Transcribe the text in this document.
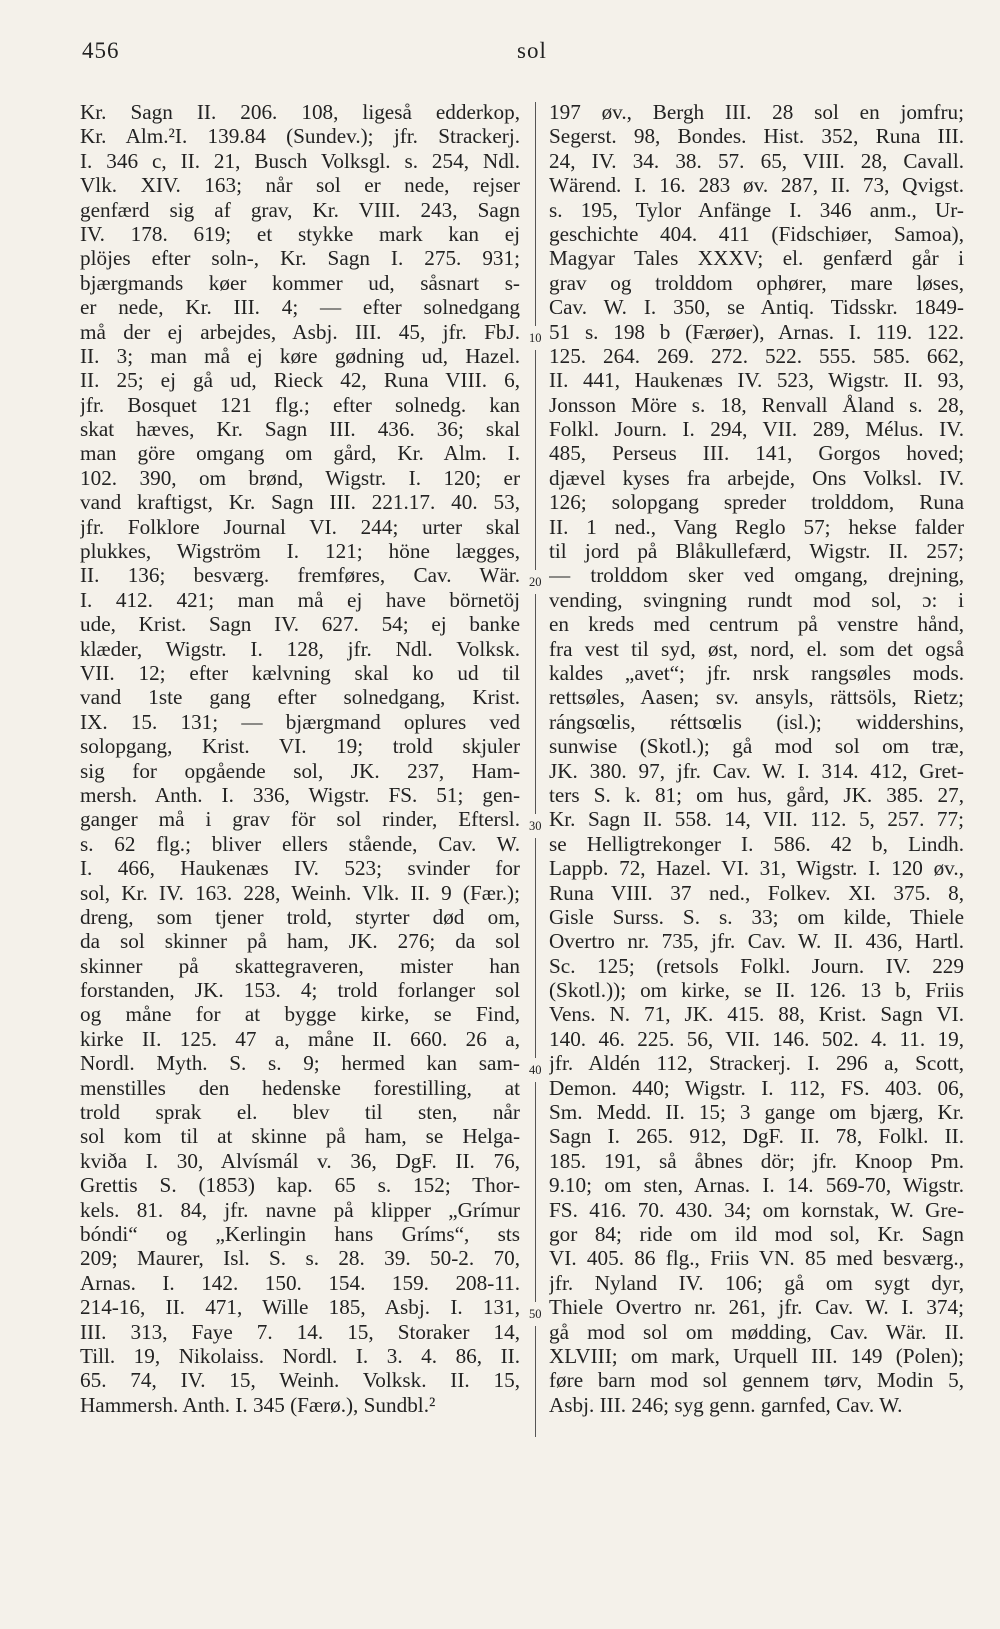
456	sol
Kr. Sagn II. 206. 108, ligeså edderkop,
Kr. Alm.²I. 139.84 (Sundev.); jfr. Strackerj.
I. 346 c, II. 21, Busch Volksgl. s. 254, Ndl.
Vlk. XIV. 163; når sol er nede, rejser
genfærd sig af grav, Kr. VIII. 243, Sagn
IV. 178. 619; et stykke mark kan ej
plöjes efter soln-, Kr. Sagn I. 275. 931;
bjærgmands køer kommer ud, såsnart s-
er nede, Kr. III. 4; — efter solnedgang
må der ej arbejdes, Asbj. III. 45, jfr. FbJ.
II. 3; man må ej køre gødning ud, Hazel.
II. 25; ej gå ud, Rieck 42, Runa VIII. 6,
jfr. Bosquet 121 flg.; efter solnedg. kan
skat hæves, Kr. Sagn III. 436. 36; skal
man göre omgang om gård, Kr. Alm. I.
102. 390, om brønd, Wigstr. I. 120; er
vand kraftigst, Kr. Sagn III. 221.17. 40. 53,
jfr. Folklore Journal VI. 244; urter skal
plukkes, Wigström I. 121; höne lægges,
II. 136; besværg. fremføres, Cav. Wär.
I. 412. 421; man må ej have börnetöj
ude, Krist. Sagn IV. 627. 54; ej banke
klæder, Wigstr. I. 128, jfr. Ndl. Volksk.
VII. 12; efter kælvning skal ko ud til
vand 1ste gang efter solnedgang, Krist.
IX. 15. 131; — bjærgmand oplures ved
solopgang, Krist. VI. 19; trold skjuler
sig for opgående sol, JK. 237, Ham-
mersh. Anth. I. 336, Wigstr. FS. 51; gen-
ganger må i grav för sol rinder, Eftersl.
s. 62 flg.; bliver ellers stående, Cav. W.
I. 466, Haukenæs IV. 523; svinder for
sol, Kr. IV. 163. 228, Weinh. Vlk. II. 9 (Fær.);
dreng, som tjener trold, styrter død om,
da sol skinner på ham, JK. 276; da sol
skinner på skattegraveren, mister han
forstanden, JK. 153. 4; trold forlanger sol
og måne for at bygge kirke, se Find,
kirke II. 125. 47 a, måne II. 660. 26 a,
Nordl. Myth. S. s. 9; hermed kan sam-
menstilles den hedenske forestilling, at
trold sprak el. blev til sten, når
sol kom til at skinne på ham, se Helga-
kviða I. 30, Alvísmál v. 36, DgF. II. 76,
Grettis S. (1853) kap. 65 s. 152; Thor-
kels. 81. 84, jfr. navne på klipper „Grímur
bóndi“ og „Kerlingin hans Gríms“, sts
209; Maurer, Isl. S. s. 28. 39. 50-2. 70,
Arnas. I. 142. 150. 154. 159. 208-11.
214-16, II. 471, Wille 185, Asbj. I. 131,
III. 313, Faye 7. 14. 15, Storaker 14,
Till. 19, Nikolaiss. Nordl. I. 3. 4. 86, II.
65. 74, IV. 15, Weinh. Volksk. II. 15,
Hammersh. Anth. I. 345 (Færø.), Sundbl.²
10
20
30
40
50
197 øv., Bergh III. 28 sol en jomfru;
Segerst. 98, Bondes. Hist. 352, Runa III.
24, IV. 34. 38. 57. 65, VIII. 28, Cavall.
Wärend. I. 16. 283 øv. 287, II. 73, Qvigst.
s. 195, Tylor Anfänge I. 346 anm., Ur-
geschichte 404. 411 (Fidschiøer, Samoa),
Magyar Tales XXXV; el. genfærd går i
grav og trolddom ophører, mare løses,
Cav. W. I. 350, se Antiq. Tidsskr. 1849-
51 s. 198 b (Færøer), Arnas. I. 119. 122.
125. 264. 269. 272. 522. 555. 585. 662,
II. 441, Haukenæs IV. 523, Wigstr. II. 93,
Jonsson Möre s. 18, Renvall Åland s. 28,
Folkl. Journ. I. 294, VII. 289, Mélus. IV.
485, Perseus III. 141, Gorgos hoved;
djævel kyses fra arbejde, Ons Volksl. IV.
126; solopgang spreder trolddom, Runa
II. 1 ned., Vang Reglo 57; hekse falder
til jord på Blåkullefærd, Wigstr. II. 257;
— trolddom sker ved omgang, drejning,
vending, svingning rundt mod sol, ɔ: i
en kreds med centrum på venstre hånd,
fra vest til syd, øst, nord, el. som det også
kaldes „avet“; jfr. nrsk rangsøles mods.
rettsøles, Aasen; sv. ansyls, rättsöls, Rietz;
rángsœlis, réttsœlis (isl.); widdershins,
sunwise (Skotl.); gå mod sol om træ,
JK. 380. 97, jfr. Cav. W. I. 314. 412, Gret-
ters S. k. 81; om hus, gård, JK. 385. 27,
Kr. Sagn II. 558. 14, VII. 112. 5, 257. 77;
se Helligtrekonger I. 586. 42 b, Lindh.
Lappb. 72, Hazel. VI. 31, Wigstr. I. 120 øv.,
Runa VIII. 37 ned., Folkev. XI. 375. 8,
Gisle Surss. S. s. 33; om kilde, Thiele
Overtro nr. 735, jfr. Cav. W. II. 436, Hartl.
Sc. 125; (retsols Folkl. Journ. IV. 229
(Skotl.)); om kirke, se II. 126. 13 b, Friis
Vens. N. 71, JK. 415. 88, Krist. Sagn VI.
140. 46. 225. 56, VII. 146. 502. 4. 11. 19,
jfr. Aldén 112, Strackerj. I. 296 a, Scott,
Demon. 440; Wigstr. I. 112, FS. 403. 06,
Sm. Medd. II. 15; 3 gange om bjærg, Kr.
Sagn I. 265. 912, DgF. II. 78, Folkl. II.
185. 191, så åbnes dör; jfr. Knoop Pm.
9.10; om sten, Arnas. I. 14. 569-70, Wigstr.
FS. 416. 70. 430. 34; om kornstak, W. Gre-
gor 84; ride om ild mod sol, Kr. Sagn
VI. 405. 86 flg., Friis VN. 85 med besværg.,
jfr. Nyland IV. 106; gå om sygt dyr,
Thiele Overtro nr. 261, jfr. Cav. W. I. 374;
gå mod sol om mødding, Cav. Wär. II.
XLVIII; om mark, Urquell III. 149 (Polen);
føre barn mod sol gennem tørv, Modin 5,
Asbj. III. 246; syg genn. garnfed, Cav. W.
